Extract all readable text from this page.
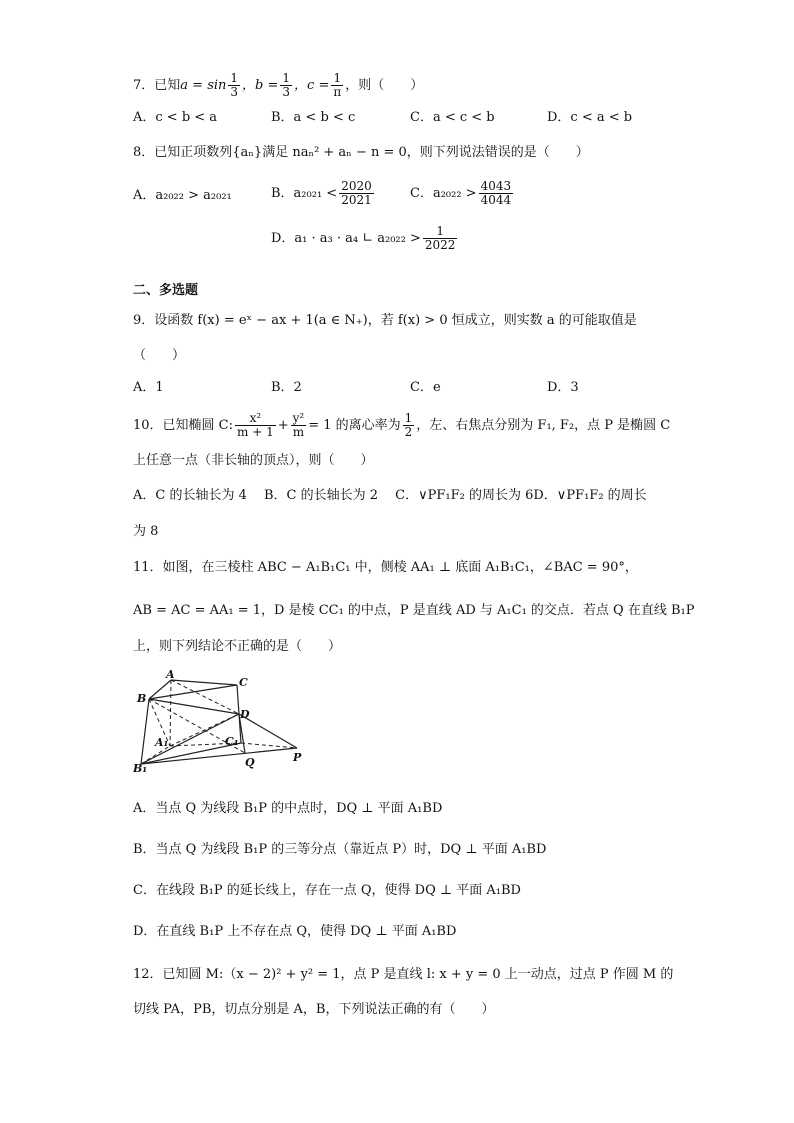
7．已知$a = \sin \frac{1}{3}$ ，$b = \frac{1}{3}$ ，$c = \frac{1}{\pi}$ ，则（　　）
A．c < b < a	B．a < b < c	C．a < c < b	D．c < a < b
8．已知正项数列{aₙ}满足 naₙ² + aₙ − n = 0，则下列说法错误的是（　　）
A．a₂₀₂₂ > a₂₀₂₁	B．$a_{2021} < \frac{2020}{2021}$	C．$a_{2022} > \frac{4043}{4044}$
D．a₁ · a₃ · a₄ ∟ $a_{2022} > \frac{1}{2022}$
二、多选题
9．设函数 f(x) = eˣ − ax + 1(a ∈ N₊)，若 f(x) > 0 恒成立，则实数 a 的可能取值是
（　　）
A．1	B．2	C．e	D．3
10．已知椭圆 C: $\frac{\text{x²}}{m + 1} + \frac{\text{y²}}{m} = 1$ 的离心率为 $\frac{1}{2}$ ，左、右焦点分别为 F₁, F₂，点 P 是椭圆 C
上任意一点（非长轴的顶点），则（　　）
A．C 的长轴长为 4　 B．C 的长轴长为 2　 C．∨PF₁F₂ 的周长为 6D．∨PF₁F₂ 的周长
为 8
11．如图，在三棱柱 ABC − A₁B₁C₁ 中，侧棱 AA₁ ⊥ 底面 A₁B₁C₁，∠BAC = 90°，
AB = AC = AA₁ = 1，D 是棱 CC₁ 的中点，P 是直线 AD 与 A₁C₁ 的交点．若点 Q 在直线 B₁P
上，则下列结论不正确的是（　　）
A
B
C
D
A₁	C₁
B₁	Q	P
A．当点 Q 为线段 B₁P 的中点时，DQ ⊥ 平面 A₁BD
B．当点 Q 为线段 B₁P 的三等分点（靠近点 P）时，DQ ⊥ 平面 A₁BD
C．在线段 B₁P 的延长线上，存在一点 Q，使得 DQ ⊥ 平面 A₁BD
D．在直线 B₁P 上不存在点 Q，使得 DQ ⊥ 平面 A₁BD
12．已知圆 M:（x − 2)² + y² = 1，点 P 是直线 l: x + y = 0 上一动点，过点 P 作圆 M 的
切线 PA，PB，切点分别是 A，B，下列说法正确的有（　　）
